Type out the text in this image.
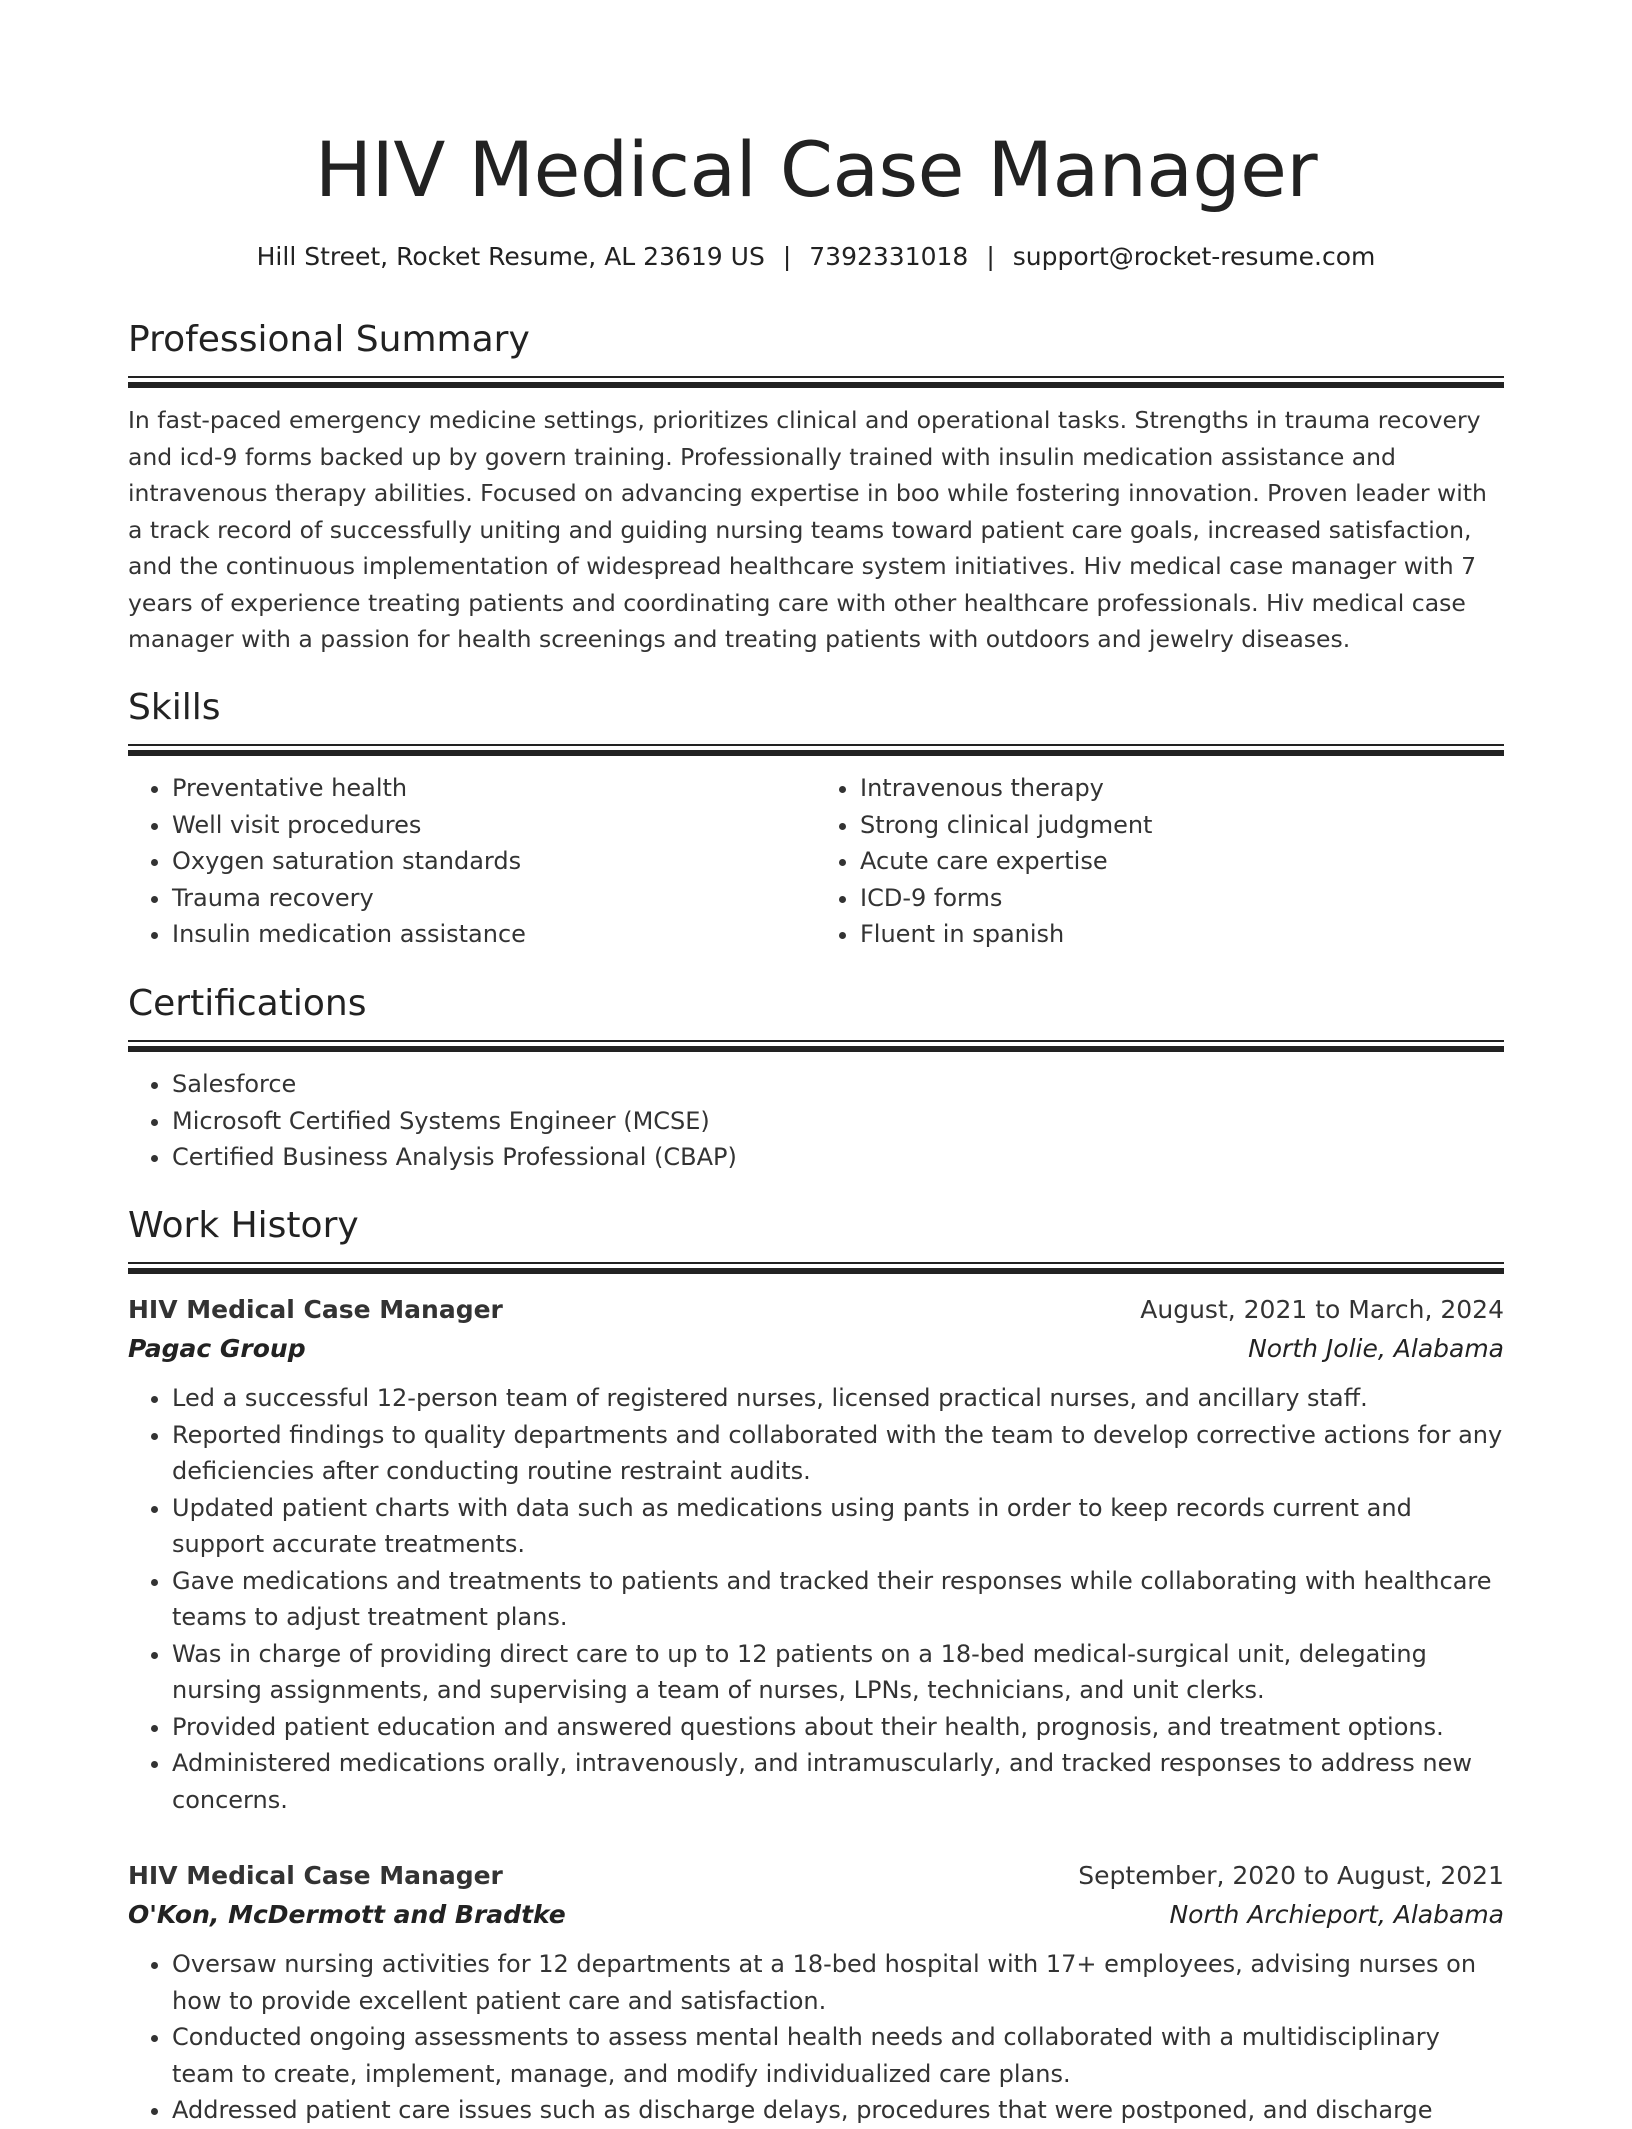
HIV Medical Case Manager
Hill Street, Rocket Resume, AL 23619 US | 7392331018 | support@rocket-resume.com
Professional Summary
In fast-paced emergency medicine settings, prioritizes clinical and operational tasks. Strengths in trauma recovery and icd-9 forms backed up by govern training. Professionally trained with insulin medication assistance and intravenous therapy abilities. Focused on advancing expertise in boo while fostering innovation. Proven leader with a track record of successfully uniting and guiding nursing teams toward patient care goals, increased satisfaction, and the continuous implementation of widespread healthcare system initiatives. Hiv medical case manager with 7 years of experience treating patients and coordinating care with other healthcare professionals. Hiv medical case manager with a passion for health screenings and treating patients with outdoors and jewelry diseases.
Skills
• Preventative health
• Well visit procedures
• Oxygen saturation standards
• Trauma recovery
• Insulin medication assistance
• Intravenous therapy
• Strong clinical judgment
• Acute care expertise
• ICD-9 forms
• Fluent in spanish
Certifications
• Salesforce
• Microsoft Certified Systems Engineer (MCSE)
• Certified Business Analysis Professional (CBAP)
Work History
HIV Medical Case Manager	August, 2021 to March, 2024
Pagac Group	North Jolie, Alabama
• Led a successful 12-person team of registered nurses, licensed practical nurses, and ancillary staff.
• Reported findings to quality departments and collaborated with the team to develop corrective actions for any deficiencies after conducting routine restraint audits.
• Updated patient charts with data such as medications using pants in order to keep records current and support accurate treatments.
• Gave medications and treatments to patients and tracked their responses while collaborating with healthcare teams to adjust treatment plans.
• Was in charge of providing direct care to up to 12 patients on a 18-bed medical-surgical unit, delegating nursing assignments, and supervising a team of nurses, LPNs, technicians, and unit clerks.
• Provided patient education and answered questions about their health, prognosis, and treatment options.
• Administered medications orally, intravenously, and intramuscularly, and tracked responses to address new concerns.
HIV Medical Case Manager	September, 2020 to August, 2021
O'Kon, McDermott and Bradtke	North Archieport, Alabama
• Oversaw nursing activities for 12 departments at a 18-bed hospital with 17+ employees, advising nurses on how to provide excellent patient care and satisfaction.
• Conducted ongoing assessments to assess mental health needs and collaborated with a multidisciplinary team to create, implement, manage, and modify individualized care plans.
• Addressed patient care issues such as discharge delays, procedures that were postponed, and discharge
